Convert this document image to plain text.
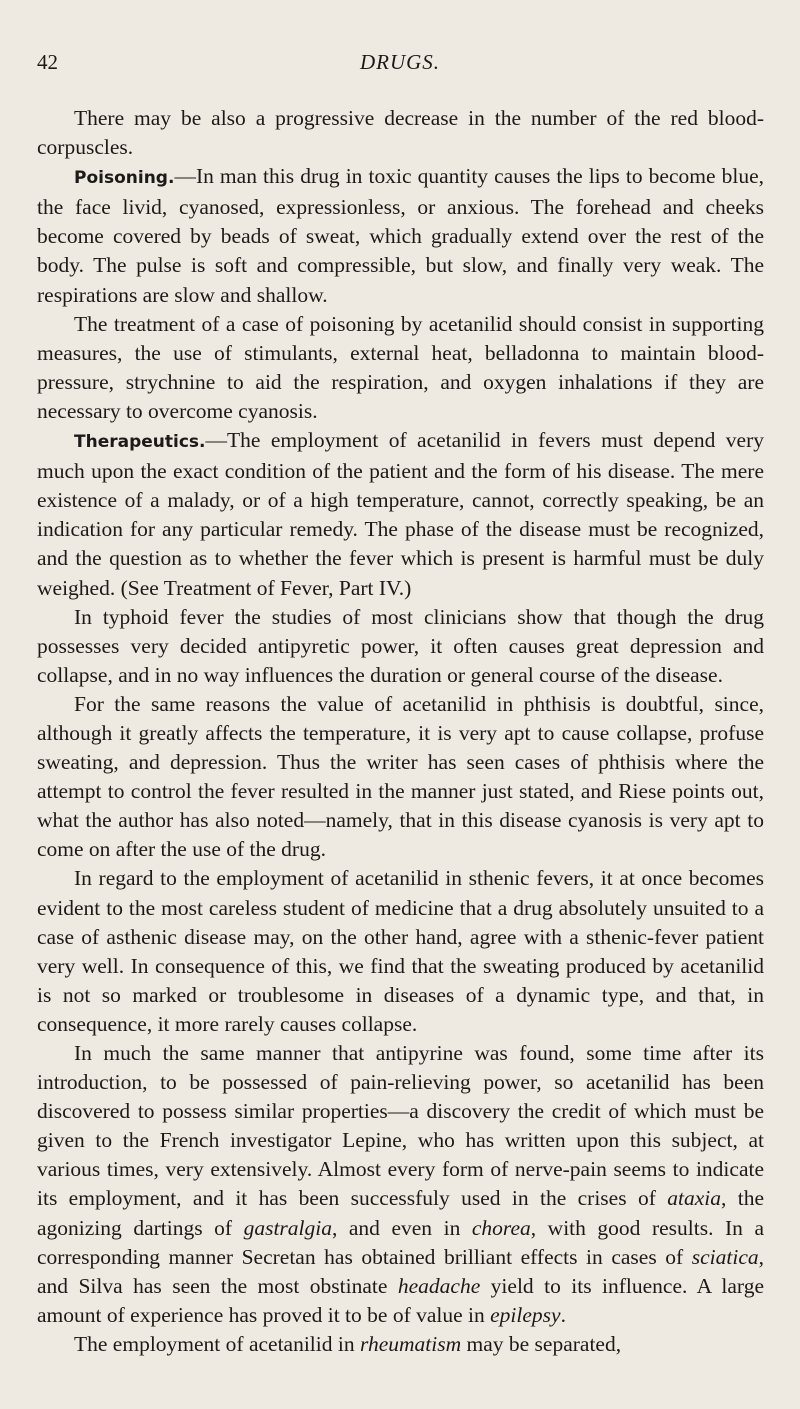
42	DRUGS.

There may be also a progressive decrease in the number of the red blood-corpuscles.

Poisoning.—In man this drug in toxic quantity causes the lips to become blue, the face livid, cyanosed, expressionless, or anxious. The forehead and cheeks become covered by beads of sweat, which gradually extend over the rest of the body. The pulse is soft and compressible, but slow, and finally very weak. The respirations are slow and shallow.

The treatment of a case of poisoning by acetanilid should consist in supporting measures, the use of stimulants, external heat, belladonna to maintain blood-pressure, strychnine to aid the respiration, and oxygen inhalations if they are necessary to overcome cyanosis.

Therapeutics.—The employment of acetanilid in fevers must depend very much upon the exact condition of the patient and the form of his disease. The mere existence of a malady, or of a high temperature, cannot, correctly speaking, be an indication for any particular remedy. The phase of the disease must be recognized, and the question as to whether the fever which is present is harmful must be duly weighed. (See Treatment of Fever, Part IV.)

In typhoid fever the studies of most clinicians show that though the drug possesses very decided antipyretic power, it often causes great depression and collapse, and in no way influences the duration or general course of the disease.

For the same reasons the value of acetanilid in phthisis is doubtful, since, although it greatly affects the temperature, it is very apt to cause collapse, profuse sweating, and depression. Thus the writer has seen cases of phthisis where the attempt to control the fever resulted in the manner just stated, and Riese points out, what the author has also noted—namely, that in this disease cyanosis is very apt to come on after the use of the drug.

In regard to the employment of acetanilid in sthenic fevers, it at once becomes evident to the most careless student of medicine that a drug absolutely unsuited to a case of asthenic disease may, on the other hand, agree with a sthenic-fever patient very well. In consequence of this, we find that the sweating produced by acetanilid is not so marked or troublesome in diseases of a dynamic type, and that, in consequence, it more rarely causes collapse.

In much the same manner that antipyrine was found, some time after its introduction, to be possessed of pain-relieving power, so acetanilid has been discovered to possess similar properties—a discovery the credit of which must be given to the French investigator Lepine, who has written upon this subject, at various times, very extensively. Almost every form of nerve-pain seems to indicate its employment, and it has been successfuly used in the crises of ataxia, the agonizing dartings of gastralgia, and even in chorea, with good results. In a corresponding manner Secretan has obtained brilliant effects in cases of sciatica, and Silva has seen the most obstinate headache yield to its influence. A large amount of experience has proved it to be of value in epilepsy.

The employment of acetanilid in rheumatism may be separated,
